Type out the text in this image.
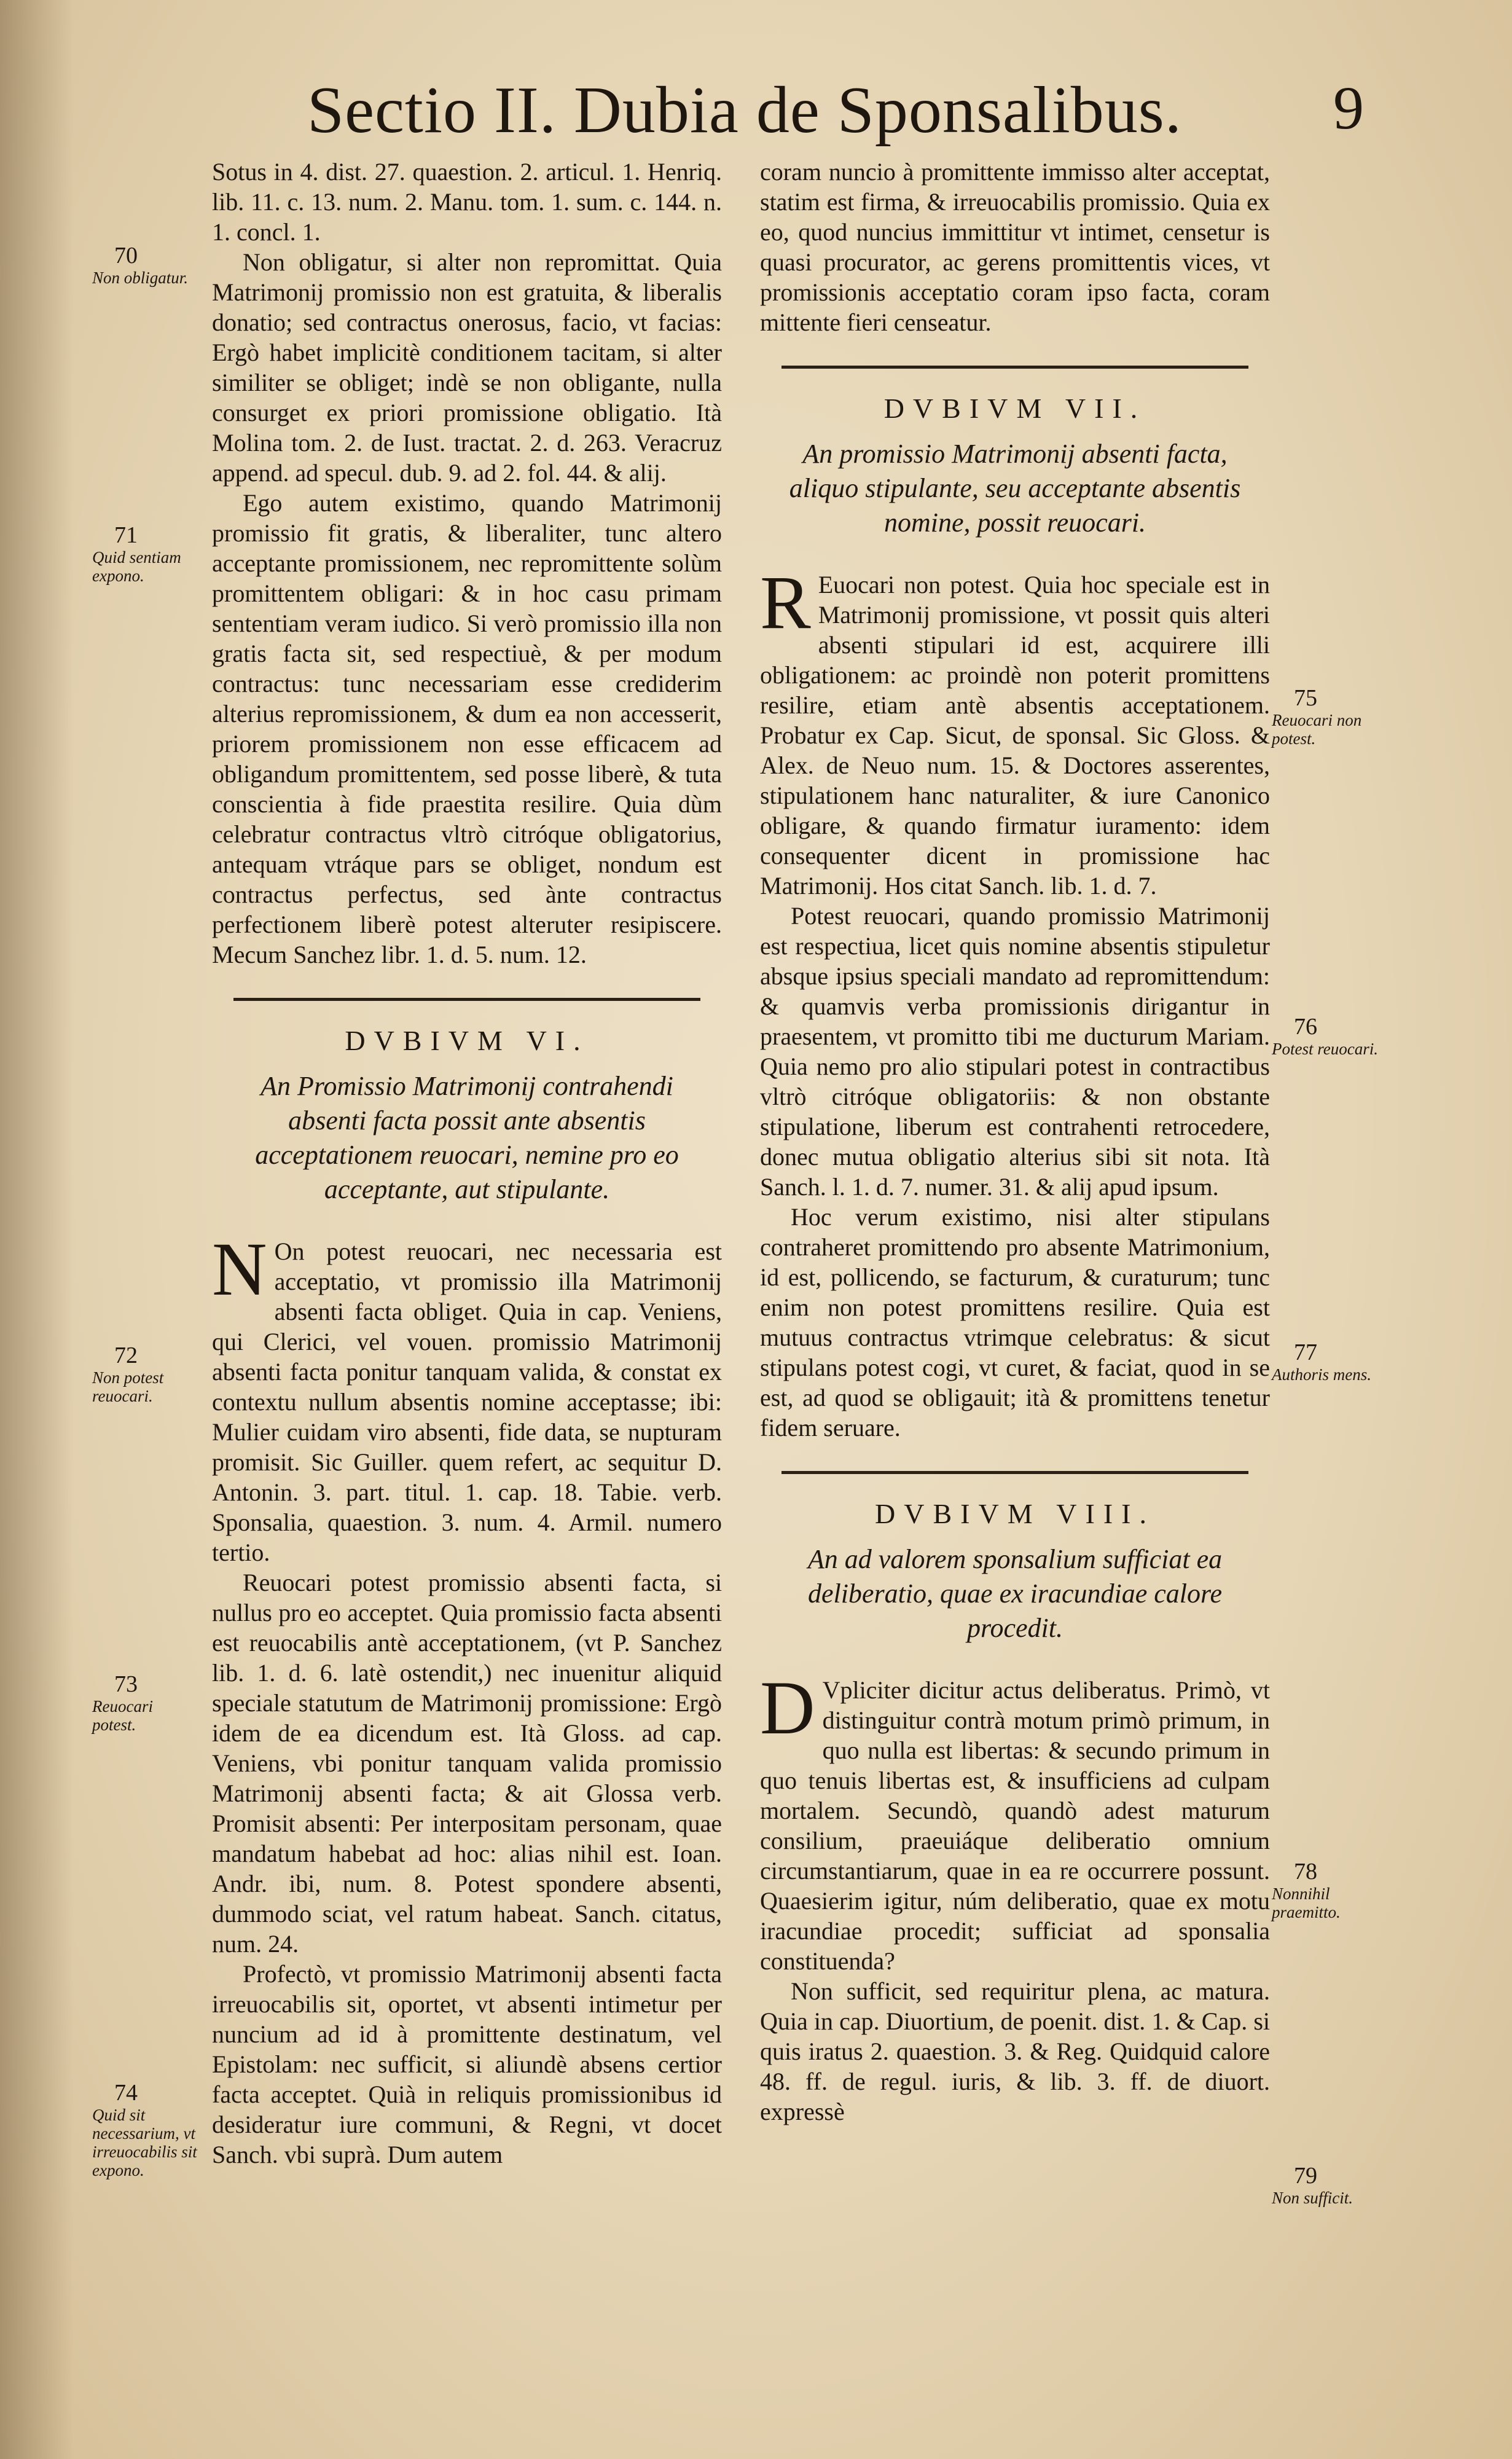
Sectio II. Dubia de Sponsalibus. 9
70
Non obligatur.
71
Quid sentiam expono.
72
Non potest reuocari.
73
Reuocari potest.
74
Quid sit necessarium, vt irreuocabilis sit expono.
75
Reuocari non potest.
76
Potest reuocari.
77
Authoris mens.
78
Nonnihil praemitto.
79
Non sufficit.

Sotus in 4. dist. 27. quaestion. 2. articul. 1. Henriq. lib. 11. c. 13. num. 2. Manu. tom. 1. sum. c. 144. n. 1. concl. 1.

Non obligatur, si alter non repromittat. Quia Matrimonij promissio non est gratuita, & liberalis donatio; sed contractus onerosus, facio, vt facias: Ergò habet implicitè conditionem tacitam, si alter similiter se obliget; indè se non obligante, nulla consurget ex priori promissione obligatio. Ità Molina tom. 2. de Iust. tractat. 2. d. 263. Veracruz append. ad specul. dub. 9. ad 2. fol. 44. & alij.

Ego autem existimo, quando Matrimonij promissio fit gratis, & liberaliter, tunc altero acceptante promissionem, nec repromittente solùm promittentem obligari: & in hoc casu primam sententiam veram iudico. Si verò promissio illa non gratis facta sit, sed respectiuè, & per modum contractus: tunc necessariam esse crediderim alterius repromissionem, & dum ea non accesserit, priorem promissionem non esse efficacem ad obligandum promittentem, sed posse liberè, & tuta conscientia à fide praestita resilire. Quia dùm celebratur contractus vltrò citróque obligatorius, antequam vtráque pars se obliget, nondum est contractus perfectus, sed ànte contractus perfectionem liberè potest alteruter resipiscere. Mecum Sanchez libr. 1. d. 5. num. 12.

DVBIVM VI.
An Promissio Matrimonij contrahendi absenti facta possit ante absentis acceptationem reuocari, nemine pro eo acceptante, aut stipulante.

N On potest reuocari, nec necessaria est acceptatio, vt promissio illa Matrimonij absenti facta obliget. Quia in cap. Veniens, qui Clerici, vel vouen. promissio Matrimonij absenti facta ponitur tanquam valida, & constat ex contextu nullum absentis nomine acceptasse; ibi: Mulier cuidam viro absenti, fide data, se nupturam promisit. Sic Guiller. quem refert, ac sequitur D. Antonin. 3. part. titul. 1. cap. 18. Tabie. verb. Sponsalia, quaestion. 3. num. 4. Armil. numero tertio.

Reuocari potest promissio absenti facta, si nullus pro eo acceptet. Quia promissio facta absenti est reuocabilis antè acceptationem, (vt P. Sanchez lib. 1. d. 6. latè ostendit,) nec inuenitur aliquid speciale statutum de Matrimonij promissione: Ergò idem de ea dicendum est. Ità Gloss. ad cap. Veniens, vbi ponitur tanquam valida promissio Matrimonij absenti facta; & ait Glossa verb. Promisit absenti: Per interpositam personam, quae mandatum habebat ad hoc: alias nihil est. Ioan. Andr. ibi, num. 8. Potest spondere absenti, dummodo sciat, vel ratum habeat. Sanch. citatus, num. 24.

Profectò, vt promissio Matrimonij absenti facta irreuocabilis sit, oportet, vt absenti intimetur per nuncium ad id à promittente destinatum, vel Epistolam: nec sufficit, si aliundè absens certior facta acceptet. Quià in reliquis promissionibus id desideratur iure communi, & Regni, vt docet Sanch. vbi suprà. Dum autem

coram nuncio à promittente immisso alter acceptat, statim est firma, & irreuocabilis promissio. Quia ex eo, quod nuncius immittitur vt intimet, censetur is quasi procurator, ac gerens promittentis vices, vt promissionis acceptatio coram ipso facta, coram mittente fieri censeatur.

DVBIVM VII.
An promissio Matrimonij absenti facta, aliquo stipulante, seu acceptante absentis nomine, possit reuocari.

R Euocari non potest. Quia hoc speciale est in Matrimonij promissione, vt possit quis alteri absenti stipulari id est, acquirere illi obligationem: ac proindè non poterit promittens resilire, etiam antè absentis acceptationem. Probatur ex Cap. Sicut, de sponsal. Sic Gloss. & Alex. de Neuo num. 15. & Doctores asserentes, stipulationem hanc naturaliter, & iure Canonico obligare, & quando firmatur iuramento: idem consequenter dicent in promissione hac Matrimonij. Hos citat Sanch. lib. 1. d. 7.

Potest reuocari, quando promissio Matrimonij est respectiua, licet quis nomine absentis stipuletur absque ipsius speciali mandato ad repromittendum: & quamvis verba promissionis dirigantur in praesentem, vt promitto tibi me ducturum Mariam. Quia nemo pro alio stipulari potest in contractibus vltrò citróque obligatoriis: & non obstante stipulatione, liberum est contrahenti retrocedere, donec mutua obligatio alterius sibi sit nota. Ità Sanch. l. 1. d. 7. numer. 31. & alij apud ipsum.

Hoc verum existimo, nisi alter stipulans contraheret promittendo pro absente Matrimonium, id est, pollicendo, se facturum, & curaturum; tunc enim non potest promittens resilire. Quia est mutuus contractus vtrimque celebratus: & sicut stipulans potest cogi, vt curet, & faciat, quod in se est, ad quod se obligauit; ità & promittens tenetur fidem seruare.

DVBIVM VIII.
An ad valorem sponsalium sufficiat ea deliberatio, quae ex iracundiae calore procedit.

D Vpliciter dicitur actus deliberatus. Primò, vt distinguitur contrà motum primò primum, in quo nulla est libertas: & secundo primum in quo tenuis libertas est, & insufficiens ad culpam mortalem. Secundò, quandò adest maturum consilium, praeuiáque deliberatio omnium circumstantiarum, quae in ea re occurrere possunt. Quaesierim igitur, núm deliberatio, quae ex motu iracundiae procedit; sufficiat ad sponsalia constituenda?

Non sufficit, sed requiritur plena, ac matura. Quia in cap. Diuortium, de poenit. dist. 1. & Cap. si quis iratus 2. quaestion. 3. & Reg. Quidquid calore 48. ff. de regul. iuris, & lib. 3. ff. de diuort. expressè
